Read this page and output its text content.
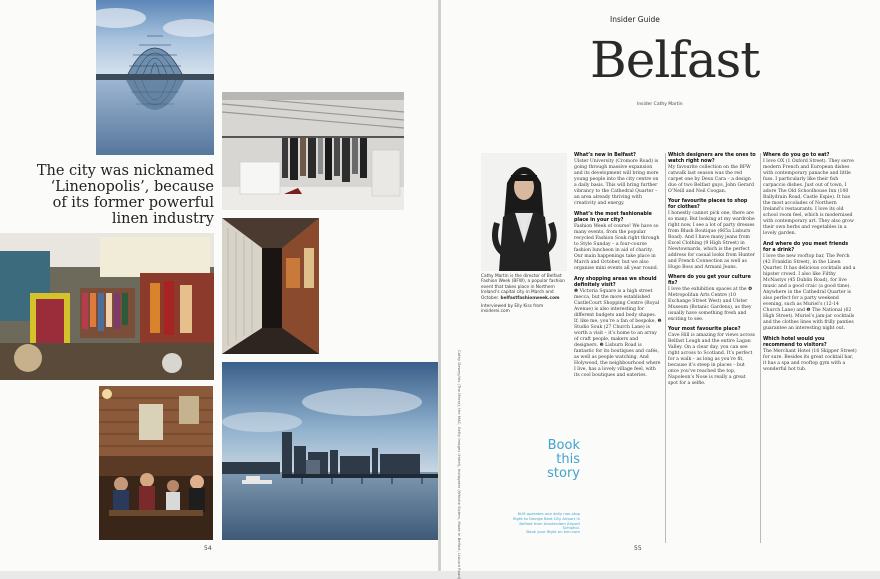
The city was nicknamed ‘Linenopolis’, because of its former powerful linen industry
54	55
Insider Guide
Belfast
Insider Cathy Martin

Cathy Martin is the director of Belfast Fashion Week (BFW), a popular fashion event that takes place in Northern Ireland’s capital city in March and October. belfastfashionweek.com

Interviewed by Elly Kiss from insiderei.com

Cathy Dewey/Iris (The Mirror), the MAC, Getty Images (Hotel), Instagram (Whistle Sisters, Made in Belfast, Lisburn Road)	Book
this
story
KLM operates one daily non-stop flight to George Best City Airport in Belfast from Amsterdam Airport Schiphol.
Book your flight on klm.com

What’s new in Belfast?

Ulster University (Cromore Road) is going through massive expansion and its development will bring more young people into the city centre on a daily basis. This will bring further vibrancy to the Cathedral Quarter – an area already thriving with creativity and energy.

What’s the most fashionable place in your city?

Fashion Week of course! We have so many events, from the popular recycled Fashion Souk right through to Style Sunday – a four-course fashion luncheon in aid of charity. Our main happenings take place in March and October, but we also organise mini events all year round.

Any shopping areas we should definitely visit?

❶ Victoria Square is a high street mecca, but the more established CastleCourt Shopping Centre (Royal Avenue) is also interesting for different budgets and body shapes. If, like me, you’re a fan of bespoke, ❷ Studio Souk (27 Church Lane) is worth a visit – it’s home to an array of craft people, makers and designers. ❸ Lisburn Road is fantastic for its boutiques and cafés, as well as people watching. And Holywood, the neighbourhood where I live, has a lovely village feel, with its cool boutiques and eateries.

Which designers are the ones to watch right now?

My favourite collection on the BFW catwalk last season was the red carpet one by Deux Cara – a design duo of two Belfast guys, John Gerard O’Neill and Neil Coogan.

Your favourite places to shop for clothes?

I honestly cannot pick one, there are so many. But looking at my wardrobe right now, I see a lot of party dresses from Blush Boutique (665a Lisburn Road). And I have many jeans from Excel Clothing (9 High Street) in Newtownards, which is the perfect address for casual looks from Hunter and French Connection as well as Hugo Boss and Armani Jeans.

Where do you get your culture fix?

I love the exhibition spaces at the ❹ Metropolitan Arts Centre (10 Exchange Street West) and Ulster Museum (Botanic Gardens), as they usually have something fresh and exciting to see.

Your most favourite place?

Cave Hill is amazing for views across Belfast Lough and the entire Lagan Valley. On a clear day, you can see right across to Scotland. It’s perfect for a walk – as long as you’re fit, because it’s steep in places – but once you’ve reached the top, Napoleon’s Nose is really a great spot for a selfie.

Where do you go to eat?

I love OX (1 Oxford Street). They serve modern French and European dishes with contemporary panache and little fuss. I particularly like their fish carpaccio dishes. Just out of town, I adore The Old Schoolhouse Inn (100 Ballydrain Road, Castle Espie). It has the most accolades of Northern Ireland’s restaurants. I love its old school room feel, which is modernised with contemporary art. They also grow their own herbs and vegetables in a lovely garden.

And where do you meet friends for a drink?

I love the new rooftop bar, The Perch (42 Franklin Street), in the Linen Quarter. It has delicious cocktails and a hipster crowd. I also like Filthy McNastys (45 Dublin Road), for live music and a good craic (a good time). Anywhere in the Cathedral Quarter is also perfect for a party weekend evening, such as Muriel’s (12-14 Church Lane) and ❺ The National (62 High Street). Muriel’s jam-jar cocktails and the clothes lines with frilly panties guarantee an interesting night out.

Which hotel would you recommend to visitors?

The Merchant Hotel (16 Skipper Street) for sure. Besides its great cocktail bar, it has a spa and rooftop gym with a wonderful hot tub.
